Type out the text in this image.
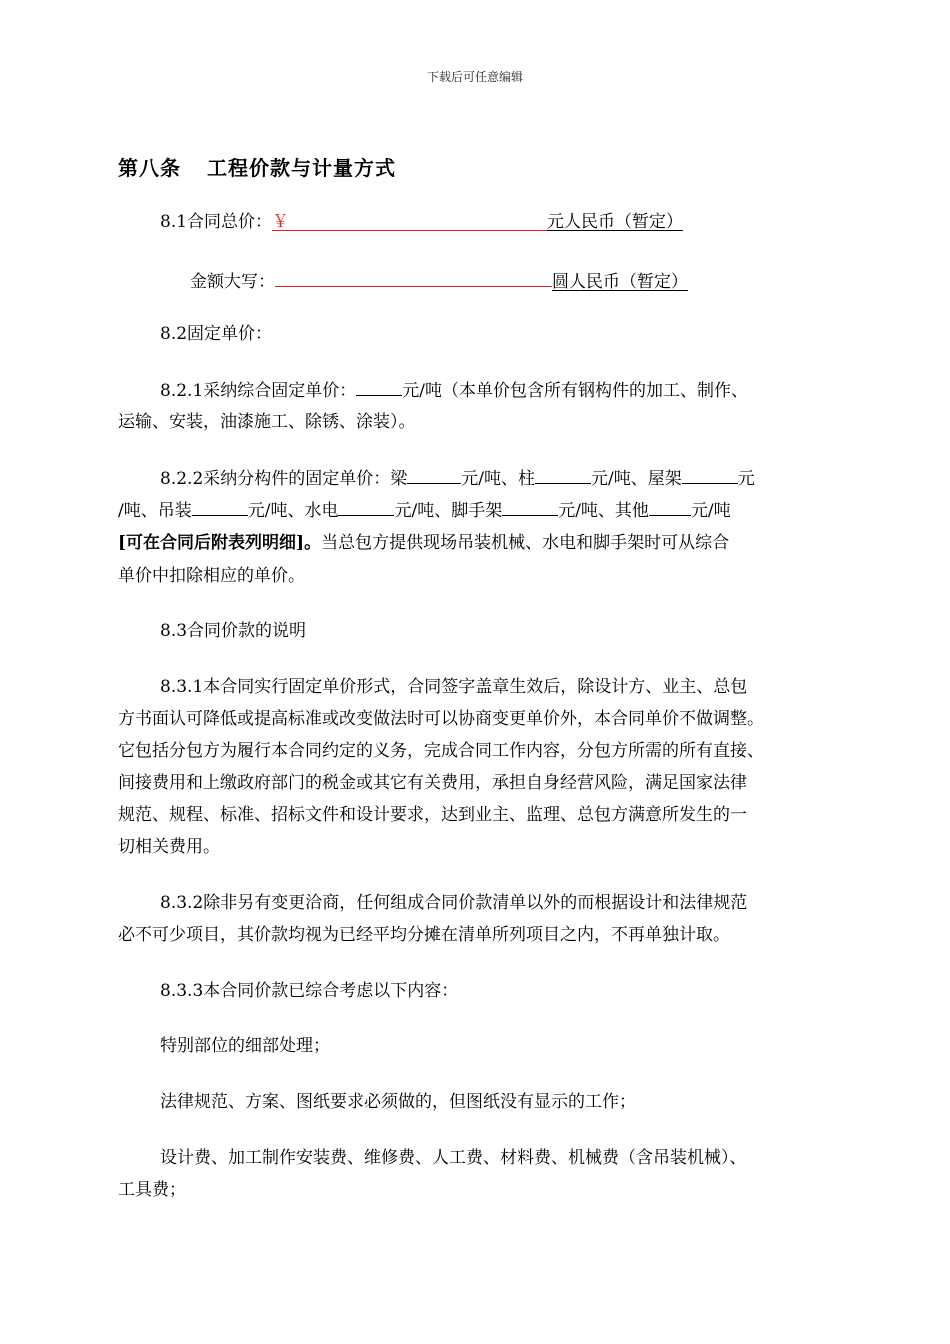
下载后可任意编辑
第八条 工程价款与计量方式
8.1合同总价：￥	元人民币（暂定）
金额大写：	圆人民币（暂定）
8.2固定单价：
8.2.1采纳综合固定单价：	元/吨（本单价包含所有钢构件的加工、制作、
运输、安装，油漆施工、除锈、涂装）。
8.2.2采纳分构件的固定单价：梁	元/吨、柱	元/吨、屋架	元
/吨、吊装	元/吨、水电	元/吨、脚手架	元/吨、其他 元/吨
[可在合同后附表列明细]。当总包方提供现场吊装机械、水电和脚手架时可从综合
单价中扣除相应的单价。
8.3合同价款的说明
8.3.1本合同实行固定单价形式，合同签字盖章生效后，除设计方、业主、总包
方书面认可降低或提高标准或改变做法时可以协商变更单价外，本合同单价不做调整。
它包括分包方为履行本合同约定的义务，完成合同工作内容，分包方所需的所有直接、
间接费用和上缴政府部门的税金或其它有关费用，承担自身经营风险，满足国家法律
规范、规程、标准、招标文件和设计要求，达到业主、监理、总包方满意所发生的一
切相关费用。
8.3.2除非另有变更洽商，任何组成合同价款清单以外的而根据设计和法律规范
必不可少项目，其价款均视为已经平均分摊在清单所列项目之内，不再单独计取。
8.3.3本合同价款已综合考虑以下内容：
特别部位的细部处理；
法律规范、方案、图纸要求必须做的，但图纸没有显示的工作；
设计费、加工制作安装费、维修费、人工费、材料费、机械费（含吊装机械）、
工具费；
